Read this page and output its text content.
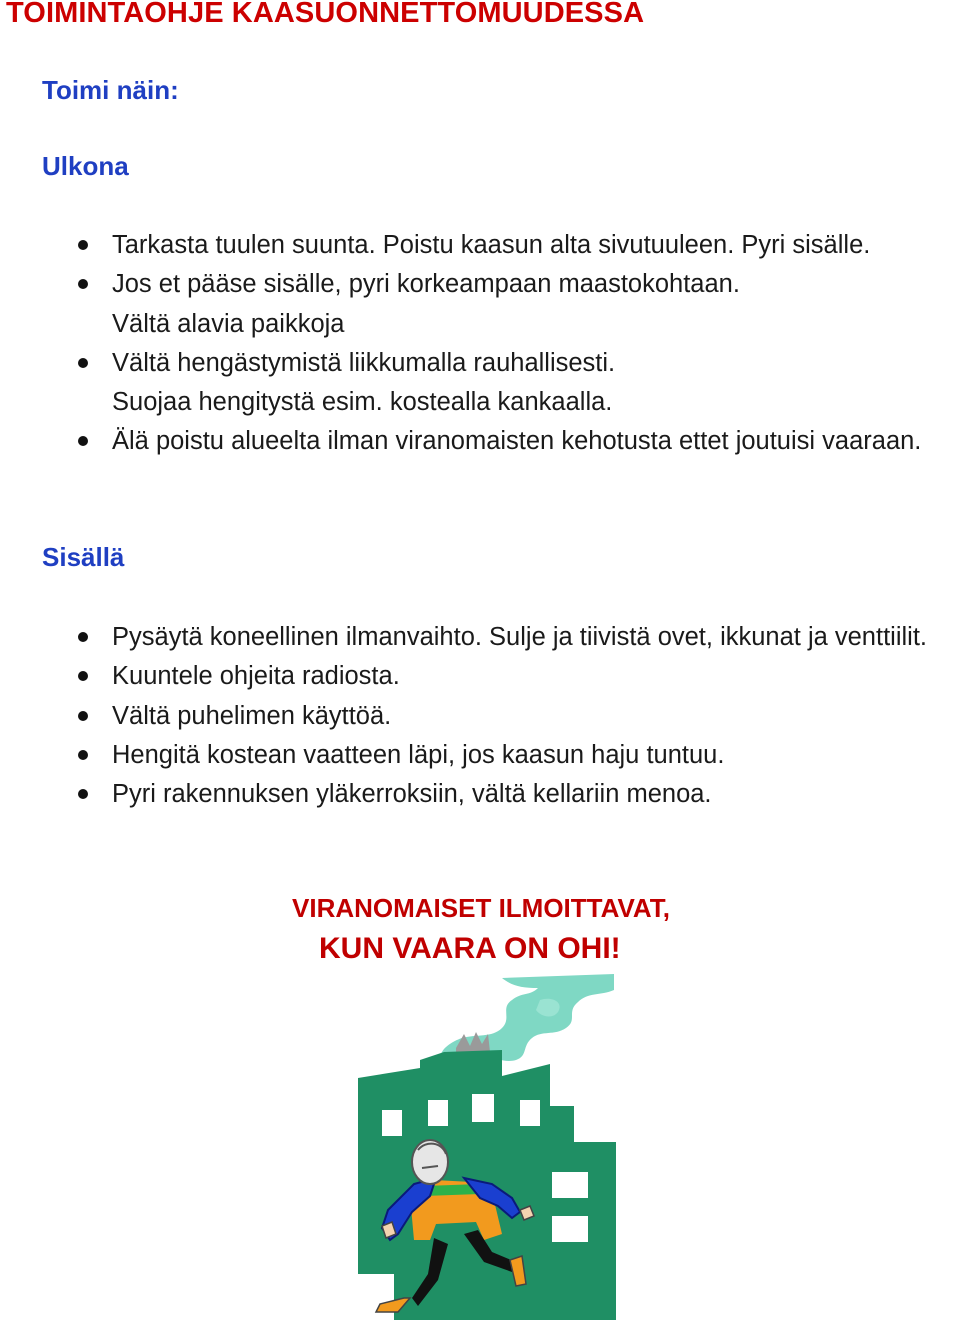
TOIMINTAOHJE KAASUONNETTOMUUDESSA
Toimi näin:
Ulkona
Tarkasta tuulen suunta. Poistu kaasun alta sivutuuleen. Pyri sisälle.
Jos et pääse sisälle, pyri korkeampaan maastokohtaan.
Vältä alavia paikkoja
Vältä hengästymistä liikkumalla rauhallisesti.
Suojaa hengitystä esim. kostealla kankaalla.
Älä poistu alueelta ilman viranomaisten kehotusta ettet joutuisi vaaraan.
Sisällä
Pysäytä koneellinen ilmanvaihto. Sulje ja tiivistä ovet, ikkunat ja venttiilit.
Kuuntele ohjeita radiosta.
Vältä puhelimen käyttöä.
Hengitä kostean vaatteen läpi, jos kaasun haju tuntuu.
Pyri rakennuksen yläkerroksiin, vältä kellariin menoa.

VIRANOMAISET ILMOITTAVAT,

KUN VAARA ON OHI!
